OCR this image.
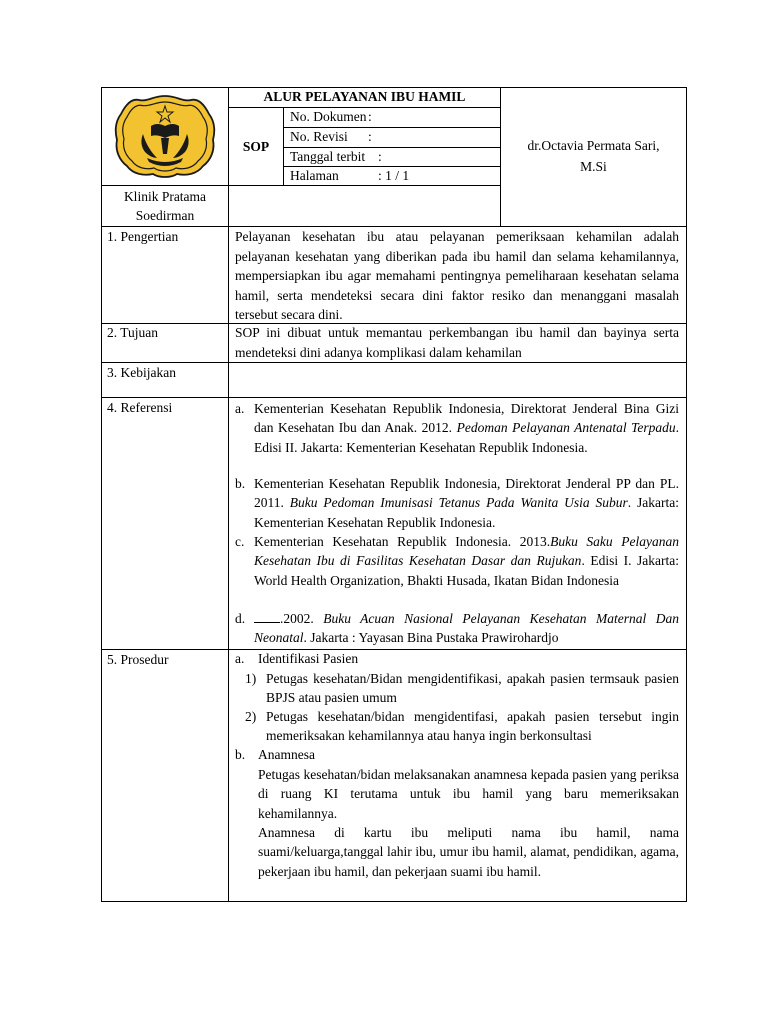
ALUR PELAYANAN IBU HAMIL
SOP
No. Dokumen :
No. Revisi :
Tanggal terbit :
Halaman	: 1 / 1
dr.Octavia Permata Sari,
M.Si
Klinik Pratama
Soedirman
1. Pengertian	Pelayanan kesehatan ibu atau pelayanan pemeriksaan kehamilan adalah pelayanan kesehatan yang diberikan pada ibu hamil dan selama kehamilannya, mempersiapkan ibu agar memahami pentingnya pemeliharaan kesehatan selama hamil, serta mendeteksi secara dini faktor resiko dan menanggani masalah tersebut secara dini.
2. Tujuan	SOP ini dibuat untuk memantau perkembangan ibu hamil dan bayinya serta mendeteksi dini adanya komplikasi dalam kehamilan
3. Kebijakan
4. Referensi	a. Kementerian Kesehatan Republik Indonesia, Direktorat Jenderal Bina Gizi dan Kesehatan Ibu dan Anak. 2012. Pedoman Pelayanan Antenatal Terpadu. Edisi II. Jakarta: Kementerian Kesehatan Republik Indonesia.
b. Kementerian Kesehatan Republik Indonesia, Direktorat Jenderal PP dan PL. 2011. Buku Pedoman Imunisasi Tetanus Pada Wanita Usia Subur. Jakarta: Kementerian Kesehatan Republik Indonesia.
c. Kementerian Kesehatan Republik Indonesia. 2013.Buku Saku Pelayanan Kesehatan Ibu di Fasilitas Kesehatan Dasar dan Rujukan. Edisi I. Jakarta: World Health Organization, Bhakti Husada, Ikatan Bidan Indonesia
d.	.2002. Buku Acuan Nasional Pelayanan Kesehatan Maternal Dan Neonatal. Jakarta : Yayasan Bina Pustaka Prawirohardjo
5. Prosedur	a. Identifikasi Pasien
1) Petugas kesehatan/Bidan mengidentifikasi, apakah pasien termsauk pasien BPJS atau pasien umum
2) Petugas kesehatan/bidan mengidentifasi, apakah pasien tersebut ingin memeriksakan kehamilannya atau hanya ingin berkonsultasi
b. Anamnesa
Petugas kesehatan/bidan melaksanakan anamnesa kepada pasien yang periksa di ruang KI terutama untuk ibu hamil yang baru memeriksakan kehamilannya.
Anamnesa di kartu ibu meliputi nama ibu hamil, nama suami/keluarga,tanggal lahir ibu, umur ibu hamil, alamat, pendidikan, agama, pekerjaan ibu hamil, dan pekerjaan suami ibu hamil.
